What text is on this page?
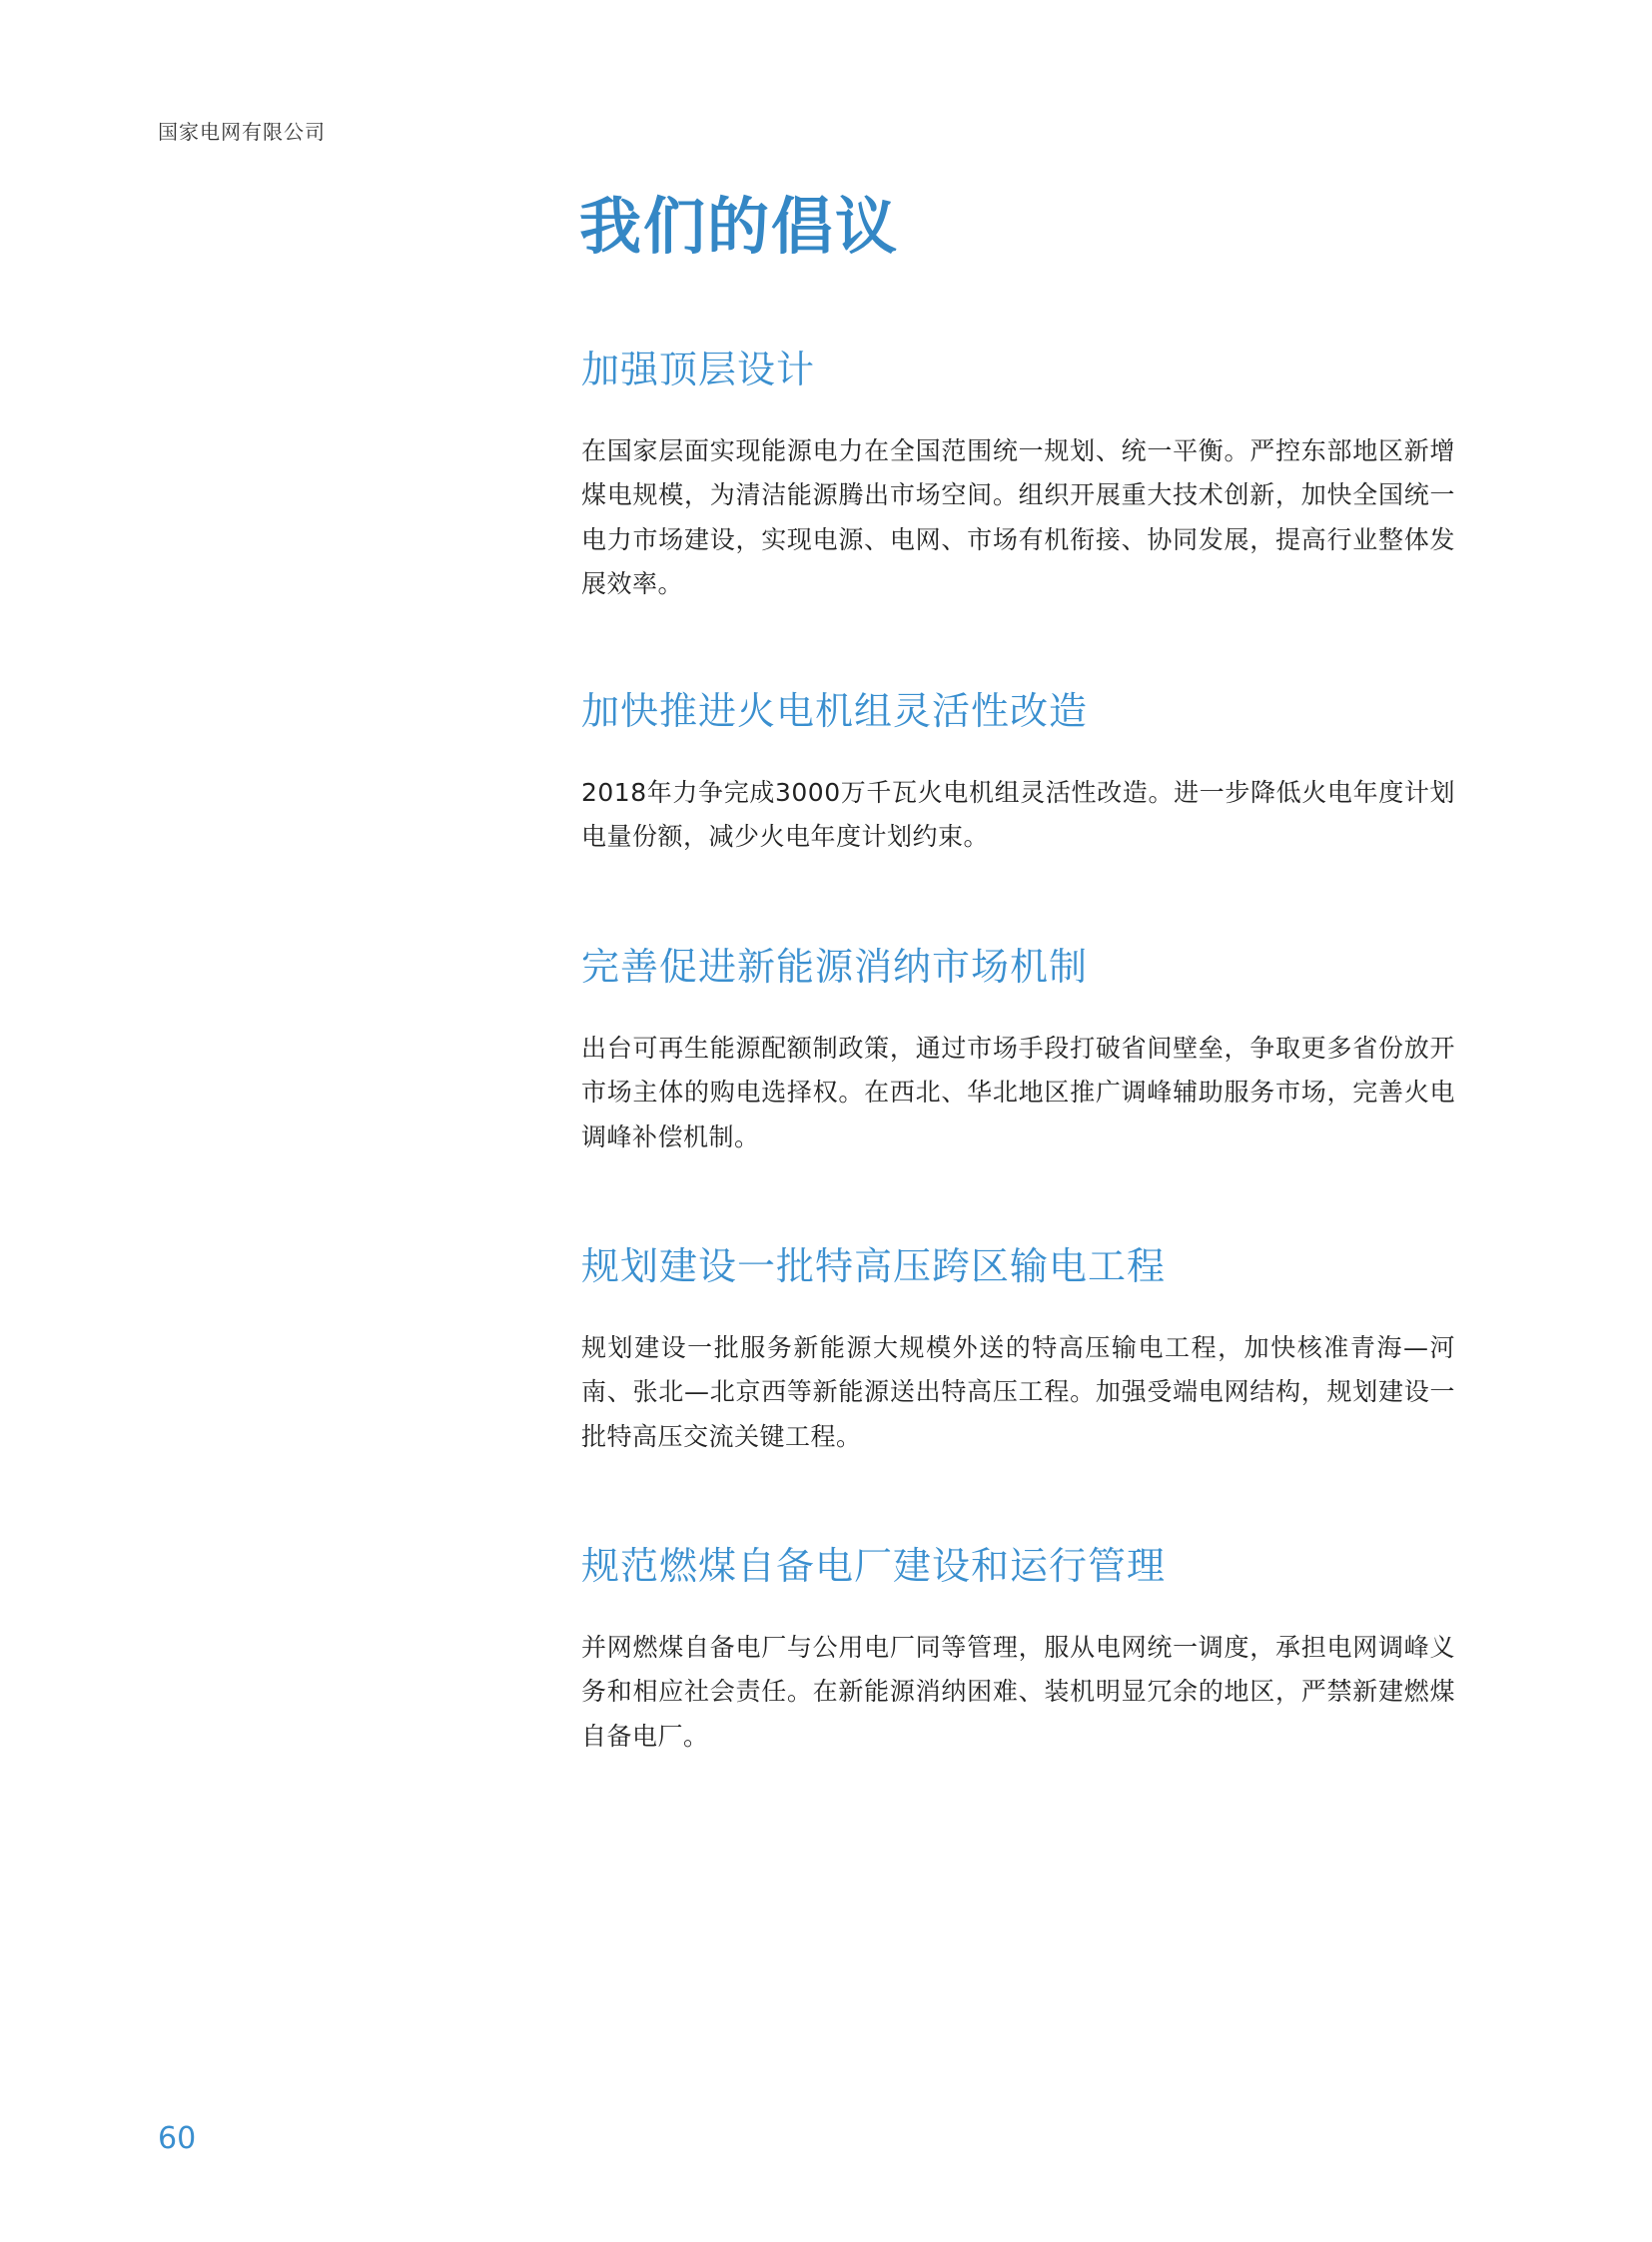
国家电网有限公司
我们的倡议
加强顶层设计

在国家层面实现能源电力在全国范围统一规划、统一平衡。严控东部地区新增煤电规模，为清洁能源腾出市场空间。组织开展重大技术创新，加快全国统一电力市场建设，实现电源、电网、市场有机衔接、协同发展，提高行业整体发展效率。

加快推进火电机组灵活性改造

2018年力争完成3000万千瓦火电机组灵活性改造。进一步降低火电年度计划电量份额，减少火电年度计划约束。

完善促进新能源消纳市场机制

出台可再生能源配额制政策，通过市场手段打破省间壁垒，争取更多省份放开市场主体的购电选择权。在西北、华北地区推广调峰辅助服务市场，完善火电调峰补偿机制。

规划建设一批特高压跨区输电工程

规划建设一批服务新能源大规模外送的特高压输电工程，加快核准青海—河南、张北—北京西等新能源送出特高压工程。加强受端电网结构，规划建设一批特高压交流关键工程。

规范燃煤自备电厂建设和运行管理

并网燃煤自备电厂与公用电厂同等管理，服从电网统一调度，承担电网调峰义务和相应社会责任。在新能源消纳困难、装机明显冗余的地区，严禁新建燃煤自备电厂。

60
